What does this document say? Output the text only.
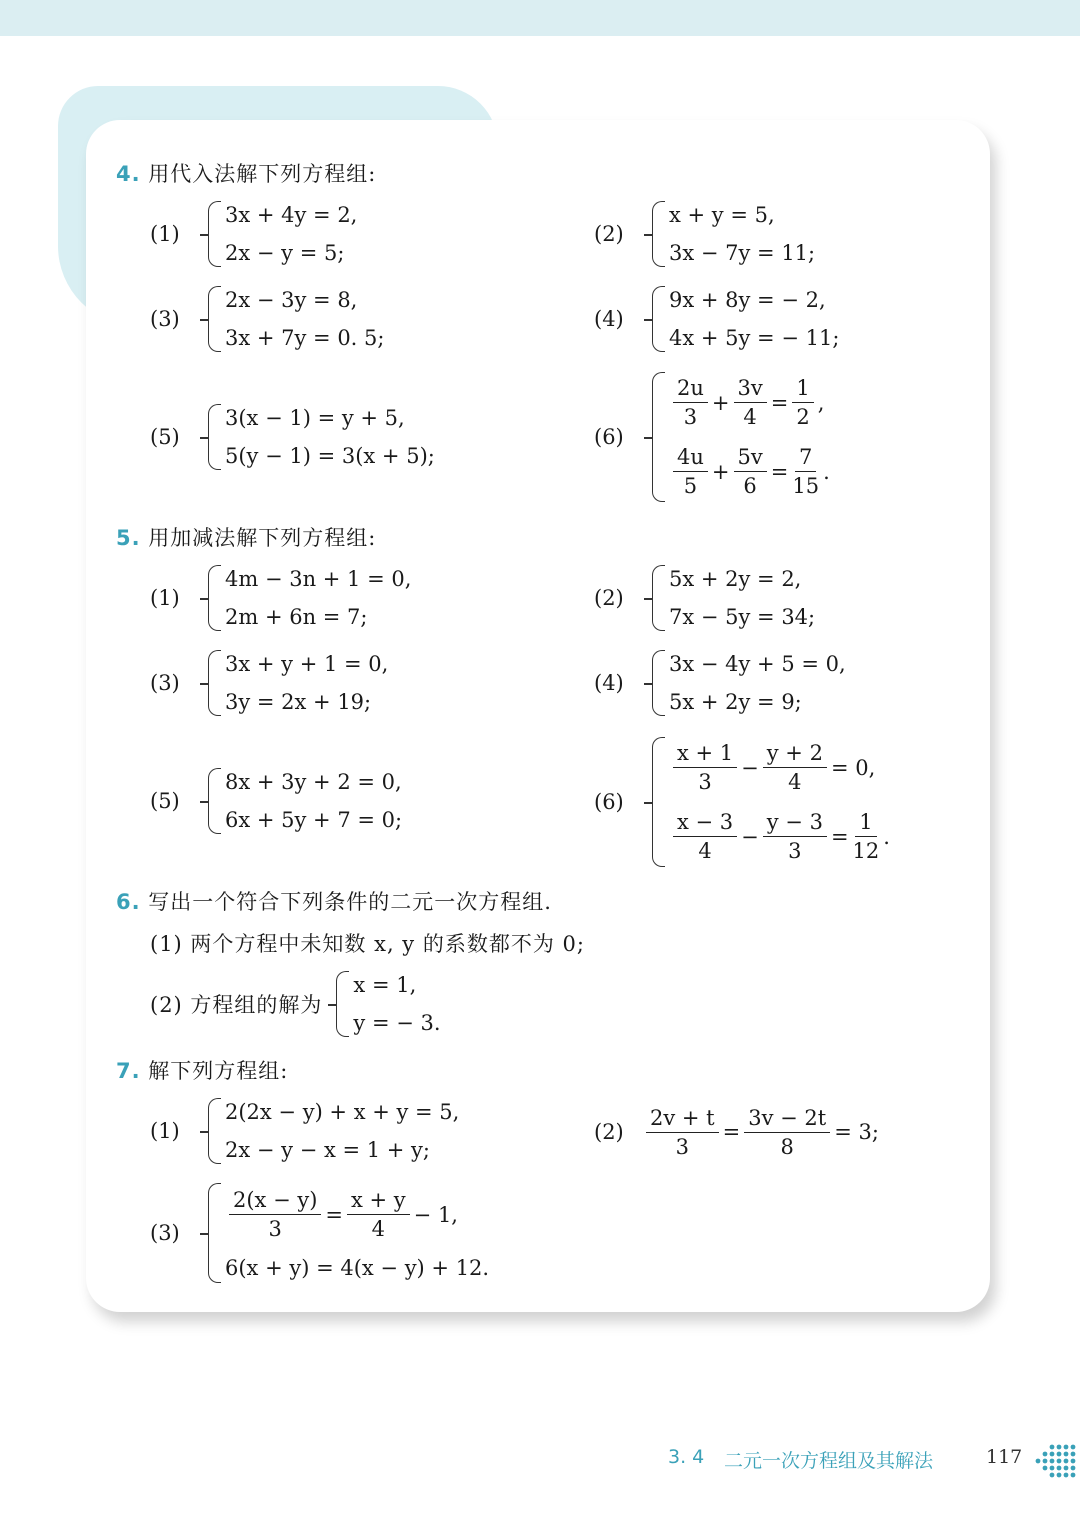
4. 用代入法解下列方程组:
(1)
3x + 4y = 2,
2x − y = 5;
(2)
x + y = 5,
3x − 7y = 11;
(3)
2x − 3y = 8,
3x + 7y = 0. 5;
(4)
9x + 8y = − 2,
4x + 5y = − 11;
(5)
3(x − 1) = y + 5,
5(y − 1) = 3(x + 5);
(6)
$\frac{2u}{3} + \frac{3v}{4} = \frac{1}{2}$ ,
$\frac{4u}{5} + \frac{5v}{6} = \frac{7}{15}$ .
5. 用加减法解下列方程组:
(1)
4m − 3n + 1 = 0,
2m + 6n = 7;
(2)
5x + 2y = 2,
7x − 5y = 34;
(3)
3x + y + 1 = 0,
3y = 2x + 19;
(4)
3x − 4y + 5 = 0,
5x + 2y = 9;
(5)
8x + 3y + 2 = 0,
6x + 5y + 7 = 0;
(6)
$\frac{x + 1}{3} - \frac{y + 2}{4} = 0$,
$\frac{x - 3}{4} - \frac{y - 3}{3} = \frac{1}{12}$ .
6. 写出一个符合下列条件的二元一次方程组.
(1) 两个方程中未知数 x, y 的系数都不为 0;
(2) 方程组的解为
x = 1,
y = − 3.
7. 解下列方程组:
(1)
2(2x − y) + x + y = 5,
2x − y − x = 1 + y;
(2)	$\frac{2v + t}{3} = \frac{3v - 2t}{8} = 3$;
(3)	$\frac{2(x - y)}{3} = \frac{x + y}{4} - 1$,
6(x + y) = 4(x − y) + 12.
3. 4 二元一次方程组及其解法	117
